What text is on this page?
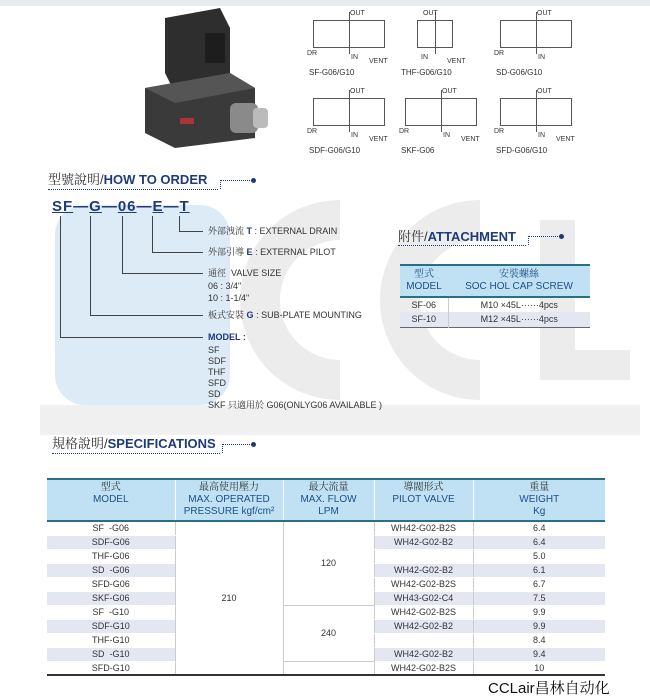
OUT
DR
IN
VENT
SF-G06/G10
OUT
IN
VENT
THF-G06/G10
OUT
DR
IN
SD-G06/G10
OUT
DR
IN
VENT
SDF-G06/G10
OUT
DR
IN
VENT
SKF-G06
OUT
DR
IN
VENT
SFD-G06/G10
型號說明/HOW TO ORDER
SF—G—06—E—T
外部洩流 T : EXTERNAL DRAIN
外部引導 E : EXTERNAL PILOT
通徑 VALVE SIZE
06 : 3/4"
10 : 1-1/4"
板式安裝 G : SUB-PLATE MOUNTING
MODEL :
SF
SDF
THF
SFD
SD
SKF 只適用於 G06(ONLYG06 AVAILABLE )
附件/ATTACHMENT
型式
MODEL	安裝螺絲
SOC HOL CAP SCREW
SF-06	M10 ×45L······4pcs
SF-10	M12 ×45L······4pcs
規格說明/SPECIFICATIONS
型式
MODEL	最高使用壓力
MAX. OPERATED
PRESSURE kgf/cm²	最大流量
MAX. FLOW
LPM	導閥形式
PILOT VALVE	重量
WEIGHT
Kg
SF  -G06	210	120	WH42-G02-B2S	6.4
SDF-G06			WH42-G02-B2	6.4
THF-G06				5.0
SD  -G06			WH42-G02-B2	6.1
SFD-G06			WH42-G02-B2S	6.7
SKF-G06			WH43-G02-C4	7.5
SF  -G10		240	WH42-G02-B2S	9.9
SDF-G10			WH42-G02-B2	9.9
THF-G10				8.4
SD  -G10			WH42-G02-B2	9.4
SFD-G10			WH42-G02-B2S	10
CCLair昌林自动化
